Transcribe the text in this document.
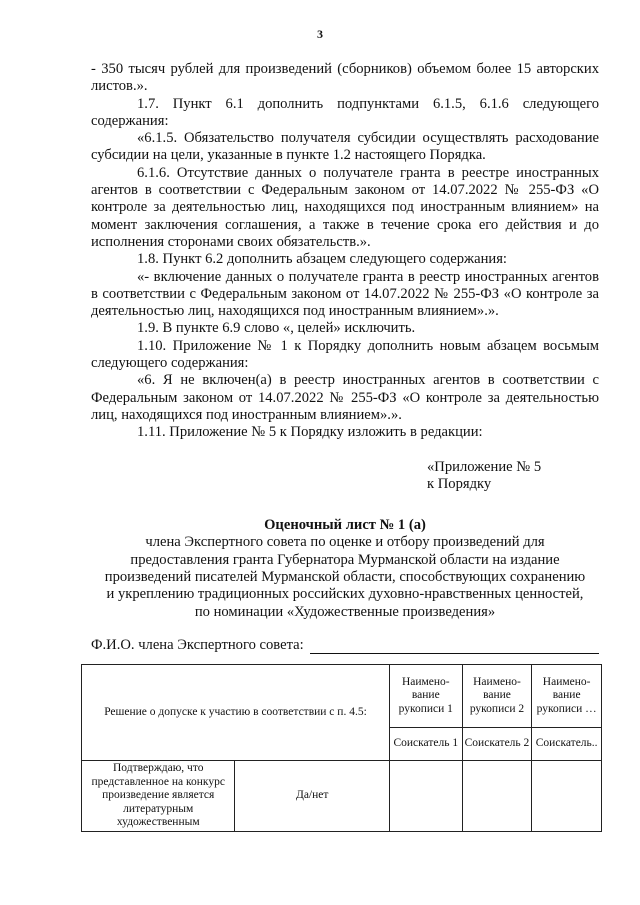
3

- 350 тысяч рублей для произведений (сборников) объемом более 15 авторских листов.».

1.7. Пункт 6.1 дополнить подпунктами 6.1.5, 6.1.6 следующего содержания:

«6.1.5. Обязательство получателя субсидии осуществлять расходование субсидии на цели, указанные в пункте 1.2 настоящего Порядка.

6.1.6. Отсутствие данных о получателе гранта в реестре иностранных агентов в соответствии с Федеральным законом от 14.07.2022 № 255-ФЗ «О контроле за деятельностью лиц, находящихся под иностранным влиянием» на момент заключения соглашения, а также в течение срока его действия и до исполнения сторонами своих обязательств.».

1.8. Пункт 6.2 дополнить абзацем следующего содержания:

«- включение данных о получателе гранта в реестр иностранных агентов в соответствии с Федеральным законом от 14.07.2022 № 255-ФЗ «О контроле за деятельностью лиц, находящихся под иностранным влиянием».».

1.9. В пункте 6.9 слово «, целей» исключить.

1.10. Приложение № 1 к Порядку дополнить новым абзацем восьмым следующего содержания:

«6. Я не включен(а) в реестр иностранных агентов в соответствии с Федеральным законом от 14.07.2022 № 255-ФЗ «О контроле за деятельностью лиц, находящихся под иностранным влиянием».».

1.11. Приложение № 5 к Порядку изложить в редакции:

«Приложение № 5
к Порядку
Оценочный лист № 1 (а)
члена Экспертного совета по оценке и отбору произведений для
предоставления гранта Губернатора Мурманской области на издание
произведений писателей Мурманской области, способствующих сохранению
и укреплению традиционных российских духовно-нравственных ценностей,
по номинации «Художественные произведения»
Ф.И.О. члена Экспертного совета:
Решение о допуске к участию в соответствии с п. 4.5:		Наимено-вание рукописи 1	Наимено-вание рукописи 2	Наимено-вание рукописи …
		Соискатель 1	Соискатель 2	Соискатель..
Подтверждаю, что представленное на конкурс произведение является литературным художественным	Да/нет			
